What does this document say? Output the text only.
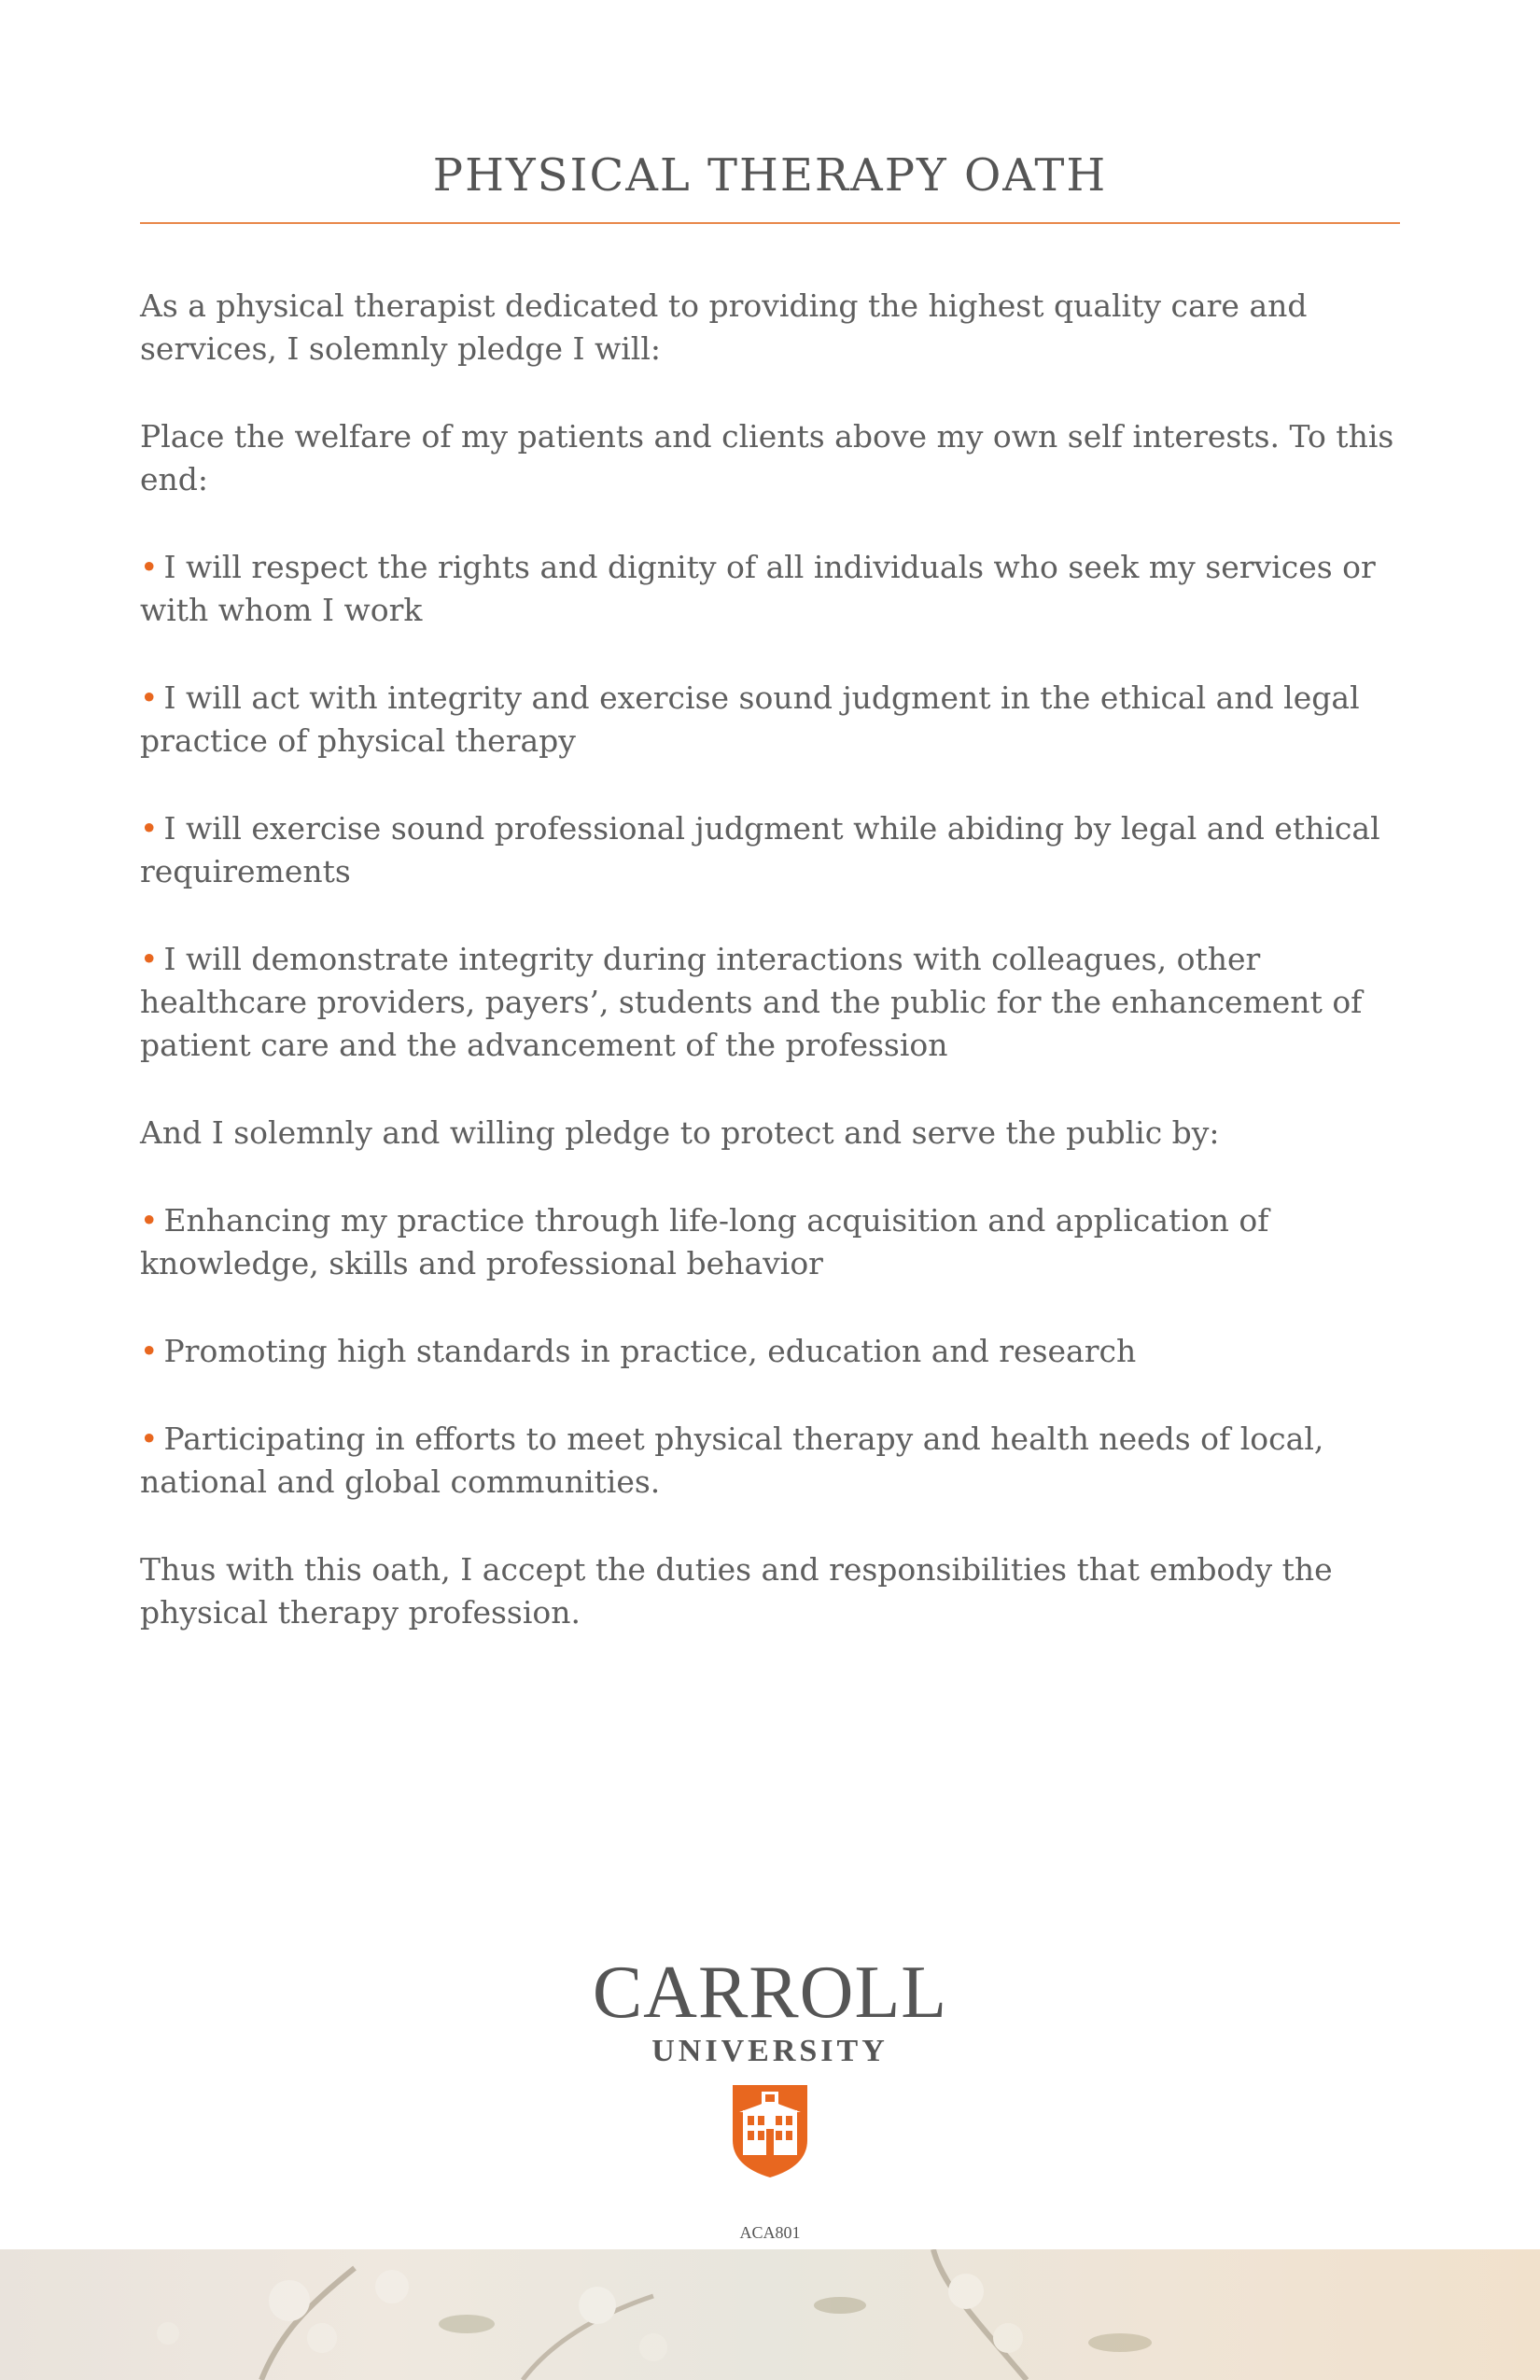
PHYSICAL THERAPY OATH

As a physical therapist dedicated to providing the highest quality care and services, I solemnly pledge I will:

Place the welfare of my patients and clients above my own self interests. To this end:

• I will respect the rights and dignity of all individuals who seek my services or with whom I work

• I will act with integrity and exercise sound judgment in the ethical and legal practice of physical therapy

• I will exercise sound professional judgment while abiding by legal and ethical requirements

• I will demonstrate integrity during interactions with colleagues, other healthcare providers, payers’, students and the public for the enhancement of patient care and the advancement of the profession

And I solemnly and willing pledge to protect and serve the public by:

• Enhancing my practice through life-long acquisition and application of knowledge, skills and professional behavior

• Promoting high standards in practice, education and research

• Participating in efforts to meet physical therapy and health needs of local, national and global communities.

Thus with this oath, I accept the duties and responsibilities that embody the physical therapy profession.

CARROLL
UNIVERSITY
ACA801
